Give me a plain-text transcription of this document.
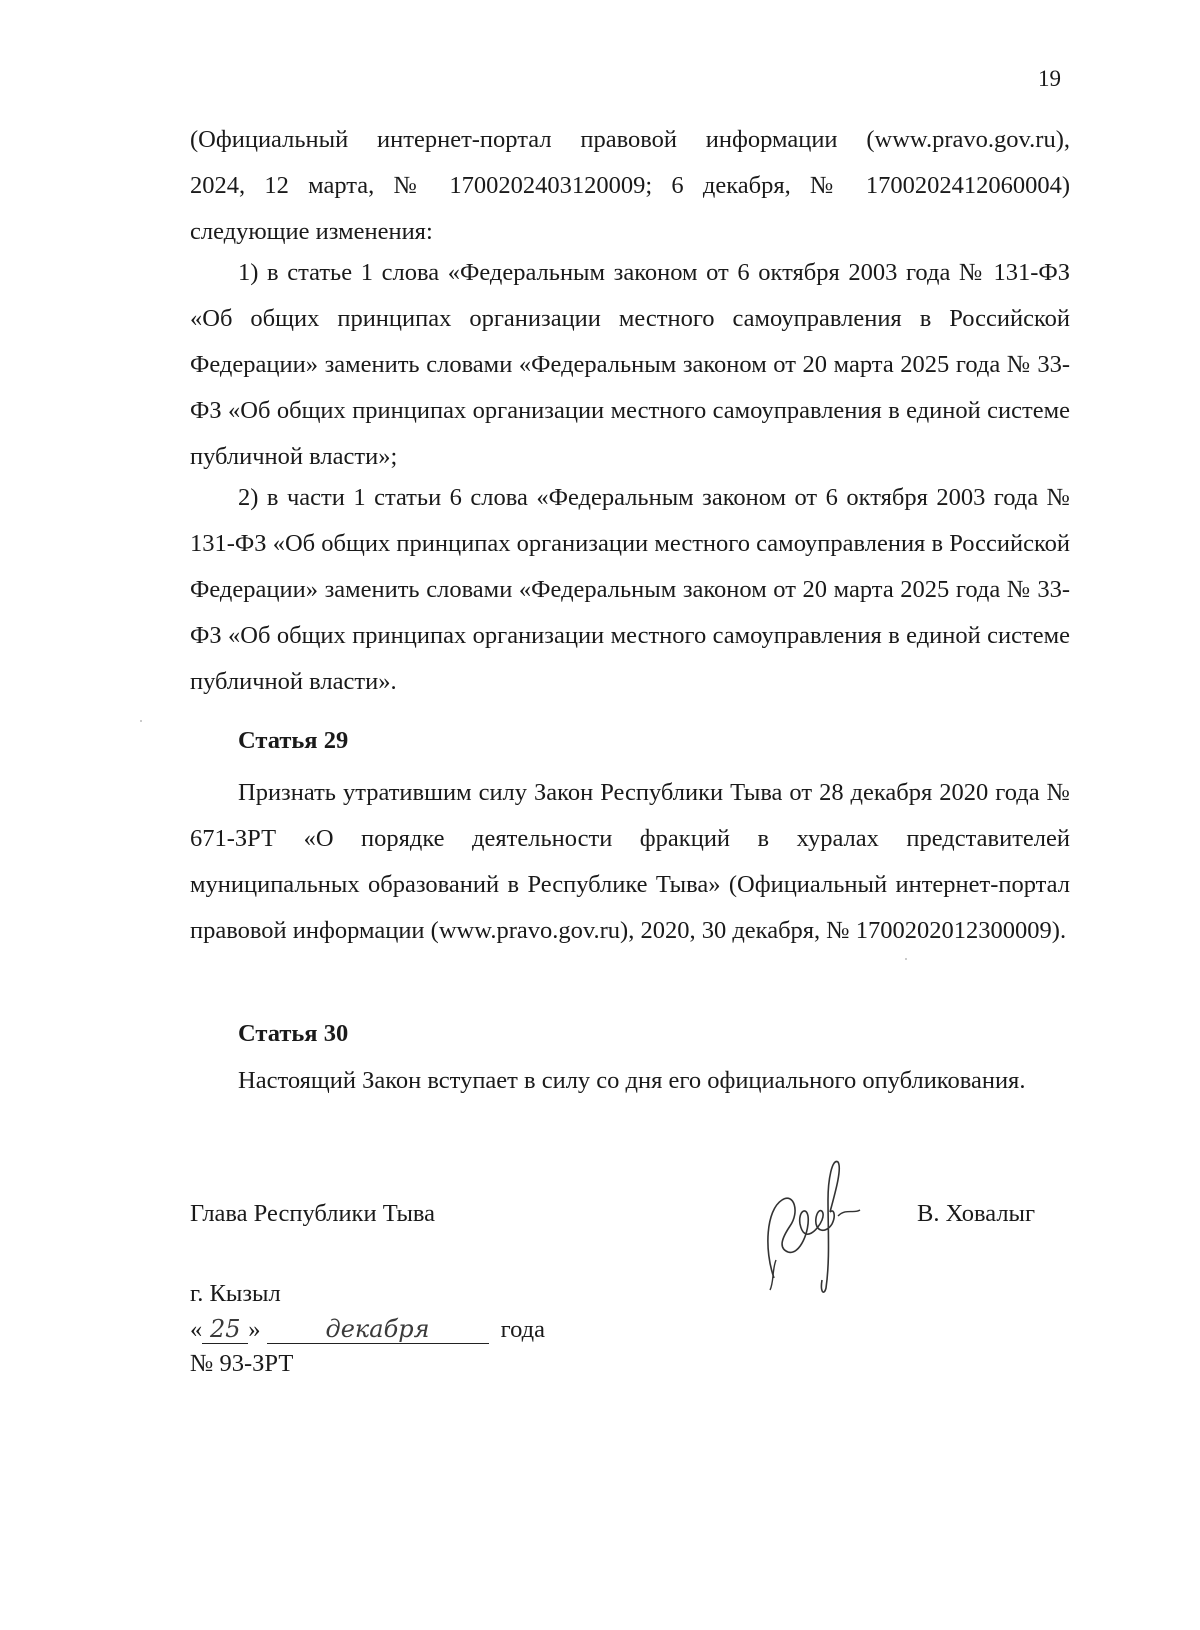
19
(Официальный интернет-портал правовой информации (www.pravo.gov.ru),
2024, 12 марта, № 1700202403120009; 6 декабря, № 1700202412060004)
следующие изменения:
1) в статье 1 слова «Федеральным законом от 6 октября 2003 года № 131-ФЗ «Об общих принципах организации местного самоуправления в Российской Федерации» заменить словами «Федеральным законом от 20 марта 2025 года № 33-ФЗ «Об общих принципах организации местного самоуправления в единой системе публичной власти»;
2) в части 1 статьи 6 слова «Федеральным законом от 6 октября 2003 года № 131-ФЗ «Об общих принципах организации местного самоуправления в Российской Федерации» заменить словами «Федеральным законом от 20 марта 2025 года № 33-ФЗ «Об общих принципах организации местного самоуправления в единой системе публичной власти».
Статья 29
Признать утратившим силу Закон Республики Тыва от 28 декабря 2020 года № 671-ЗРТ «О порядке деятельности фракций в хуралах представителей муниципальных образований в Республике Тыва» (Официальный интернет-портал правовой информации (www.pravo.gov.ru), 2020, 30 декабря, № 1700202012300009).
Статья 30
Настоящий Закон вступает в силу со дня его официального опубликования.
Глава Республики Тыва	В. Ховалыг
г. Кызыл
« 25 »	декабря	года
№ 93-ЗРТ
